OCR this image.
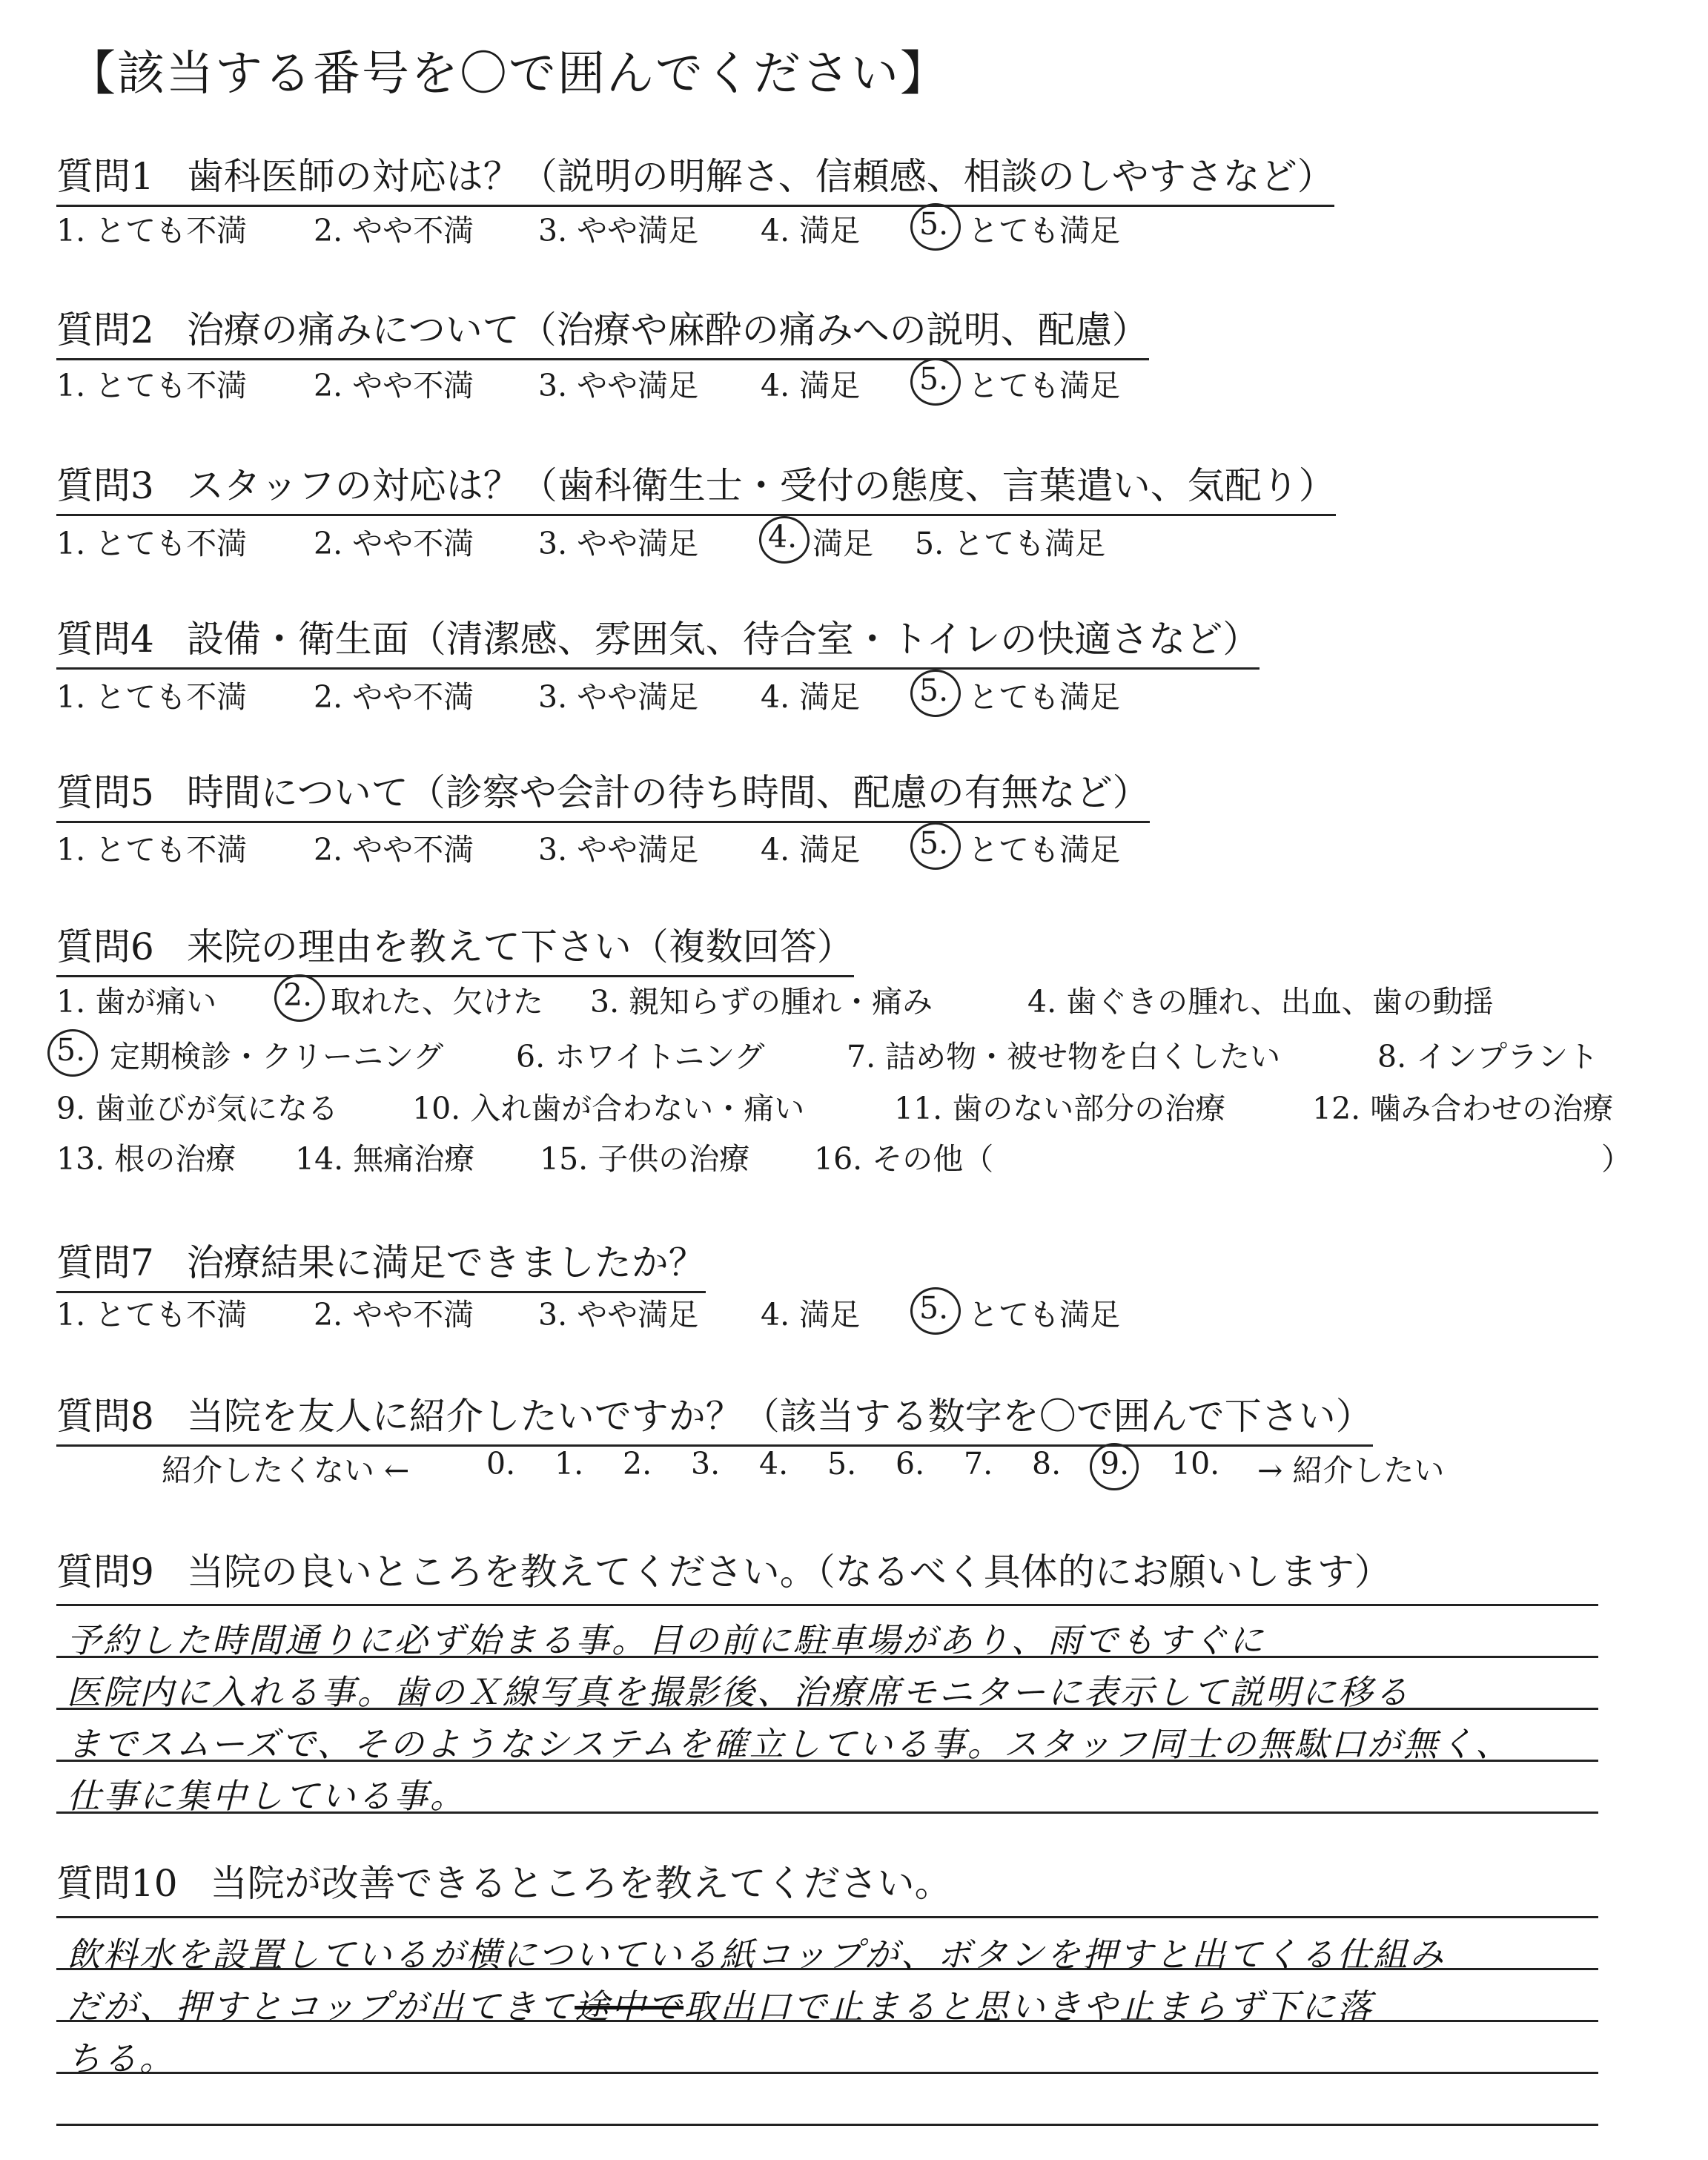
【該当する番号を〇で囲んでください】
質問1 歯科医師の対応は？（説明の明解さ、信頼感、相談のしやすさなど）
1. とても不満 2. やや不満 3. やや満足 4. 満足 5. とても満足
質問2 治療の痛みについて（治療や麻酔の痛みへの説明、配慮）
1. とても不満 2. やや不満 3. やや満足 4. 満足 5. とても満足
質問3 スタッフの対応は？（歯科衛生士・受付の態度、言葉遣い、気配り）
1. とても不満 2. やや不満 3. やや満足 4. 満足 5. とても満足
質問4 設備・衛生面（清潔感、雰囲気、待合室・トイレの快適さなど）
1. とても不満 2. やや不満 3. やや満足 4. 満足 5. とても満足
質問5 時間について（診察や会計の待ち時間、配慮の有無など）
1. とても不満 2. やや不満 3. やや満足 4. 満足 5. とても満足
質問6 来院の理由を教えて下さい（複数回答）
1. 歯が痛い 2. 取れた、欠けた 3. 親知らずの腫れ・痛み	4. 歯ぐきの腫れ、出血、歯の動揺
5. 定期検診・クリーニング 6. ホワイトニング	7. 詰め物・被せ物を白くしたい	8. インプラント
9. 歯並びが気になる 10. 入れ歯が合わない・痛い	11. 歯のない部分の治療	12. 噛み合わせの治療
13. 根の治療 14. 無痛治療 15. 子供の治療 16. その他（	）
質問7 治療結果に満足できましたか？
1. とても不満 2. やや不満 3. やや満足 4. 満足 5. とても満足
質問8 当院を友人に紹介したいですか？（該当する数字を〇で囲んで下さい）
紹介したくない ←	0. 1. 2. 3. 4. 5. 6. 7. 8. 9. 10. → 紹介したい
質問9 当院の良いところを教えてください。（なるべく具体的にお願いします）
予約した時間通りに必ず始まる事。目の前に駐車場があり、雨でもすぐに
医院内に入れる事。歯のＸ線写真を撮影後、治療席モニターに表示して説明に移る
までスムーズで、そのようなシステムを確立している事。スタッフ同士の無駄口が無く、
仕事に集中している事。
質問10 当院が改善できるところを教えてください。
飲料水を設置しているが横についている紙コップが、ボタンを押すと出てくる仕組み
だが、押すとコップが出てきて途中で取出口で止まると思いきや止まらず下に落
ちる。
